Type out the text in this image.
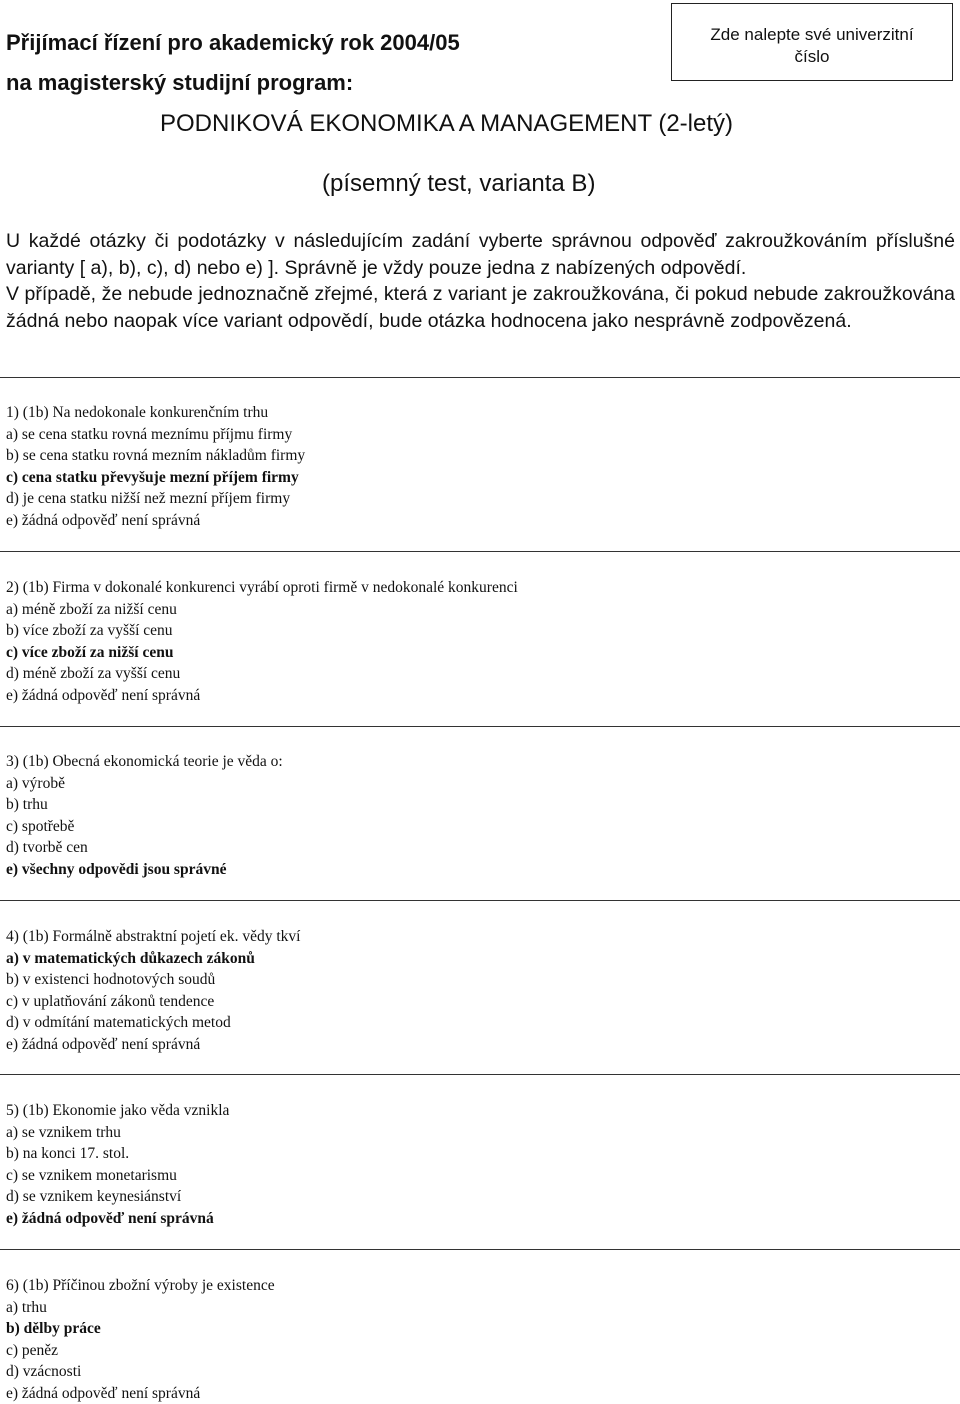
Přijímací řízení pro akademický rok 2004/05
na magisterský studijní program:
PODNIKOVÁ EKONOMIKA A MANAGEMENT (2-letý)
(písemný test, varianta B)
Zde nalepte své univerzitní
číslo

U každé otázky či podotázky v následujícím zadání vyberte správnou odpověď zakroužkováním příslušné varianty [ a), b), c), d) nebo e) ]. Správně je vždy pouze jedna z nabízených odpovědí.

V případě, že nebude jednoznačně zřejmé, která z variant je zakroužkována, či pokud nebude zakroužkována žádná nebo naopak více variant odpovědí, bude otázka hodnocena jako nesprávně zodpovězená.

1) (1b) Na nedokonale konkurenčním trhu
a) se cena statku rovná meznímu příjmu firmy
b) se cena statku rovná mezním nákladům firmy
c) cena statku převyšuje mezní příjem firmy
d) je cena statku nižší než mezní příjem firmy
e) žádná odpověď není správná
2) (1b) Firma v dokonalé konkurenci vyrábí oproti firmě v nedokonalé konkurenci
a) méně zboží za nižší cenu
b) více zboží za vyšší cenu
c) více zboží za nižší cenu
d) méně zboží za vyšší cenu
e) žádná odpověď není správná
3) (1b) Obecná ekonomická teorie je věda o:
a) výrobě
b) trhu
c) spotřebě
d) tvorbě cen
e) všechny odpovědi jsou správné
4) (1b) Formálně abstraktní pojetí ek. vědy tkví
a) v matematických důkazech zákonů
b) v existenci hodnotových soudů
c) v uplatňování zákonů tendence
d) v odmítání matematických metod
e) žádná odpověď není správná
5) (1b) Ekonomie jako věda vznikla
a) se vznikem trhu
b) na konci 17. stol.
c) se vznikem monetarismu
d) se vznikem keynesiánství
e) žádná odpověď není správná
6) (1b) Příčinou zbožní výroby je existence
a) trhu
b) dělby práce
c) peněz
d) vzácnosti
e) žádná odpověď není správná
